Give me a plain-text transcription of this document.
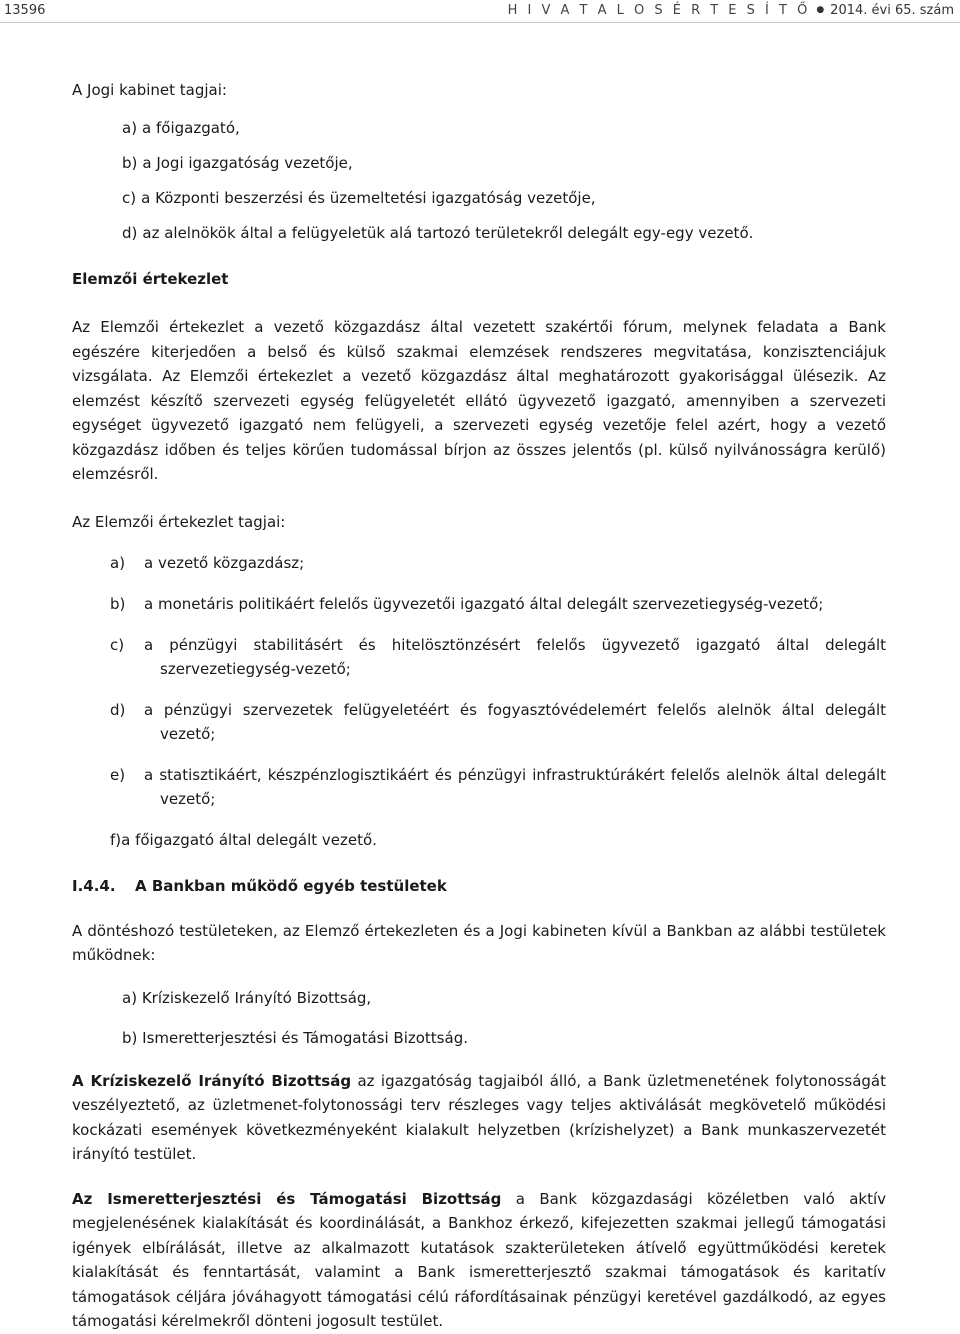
13596	H I V A T A L O S É R T E S Í T Ő ● 2014. évi 65. szám

A Jogi kabinet tagjai:

a) a főigazgató,
b) a Jogi igazgatóság vezetője,
c) a Központi beszerzési és üzemeltetési igazgatóság vezetője,
d) az alelnökök által a felügyeletük alá tartozó területekről delegált egy-egy vezető.

Elemzői értekezlet

Az Elemzői értekezlet a vezető közgazdász által vezetett szakértői fórum, melynek feladata a Bank egészére kiterjedően a belső és külső szakmai elemzések rendszeres megvitatása, konzisztenciájuk vizsgálata. Az Elemzői értekezlet a vezető közgazdász által meghatározott gyakorisággal ülésezik. Az elemzést készítő szervezeti egység felügyeletét ellátó ügyvezető igazgató, amennyiben a szervezeti egységet ügyvezető igazgató nem felügyeli, a szervezeti egység vezetője felel azért, hogy a vezető közgazdász időben és teljes körűen tudomással bírjon az összes jelentős (pl. külső nyilvánosságra kerülő) elemzésről.

Az Elemzői értekezlet tagjai:

a) a vezető közgazdász;
b) a monetáris politikáért felelős ügyvezetői igazgató által delegált szervezetiegység-vezető;
c) a pénzügyi stabilitásért és hitelösztönzésért felelős ügyvezető igazgató által delegált szervezetiegység-vezető;
d) a pénzügyi szervezetek felügyeletéért és fogyasztóvédelemért felelős alelnök által delegált vezető;
e) a statisztikáért, készpénzlogisztikáért és pénzügyi infrastruktúrákért felelős alelnök által delegált vezető;
f)a főigazgató által delegált vezető.

I.4.4. A Bankban működő egyéb testületek

A döntéshozó testületeken, az Elemző értekezleten és a Jogi kabineten kívül a Bankban az alábbi testületek működnek:

a) Kríziskezelő Irányító Bizottság,
b) Ismeretterjesztési és Támogatási Bizottság.

A Kríziskezelő Irányító Bizottság az igazgatóság tagjaiból álló, a Bank üzletmenetének folytonosságát veszélyeztető, az üzletmenet-folytonossági terv részleges vagy teljes aktiválását megkövetelő működési kockázati események következményeként kialakult helyzetben (krízishelyzet) a Bank munkaszervezetét irányító testület.

Az Ismeretterjesztési és Támogatási Bizottság a Bank közgazdasági közéletben való aktív megjelenésének kialakítását és koordinálását, a Bankhoz érkező, kifejezetten szakmai jellegű támogatási igények elbírálását, illetve az alkalmazott kutatások szakterületeken átívelő együttműködési keretek kialakítását és fenntartását, valamint a Bank ismeretterjesztő szakmai támogatások és karitatív támogatások céljára jóváhagyott támogatási célú ráfordításainak pénzügyi keretével gazdálkodó, az egyes támogatási kérelmekről dönteni jogosult testület.
